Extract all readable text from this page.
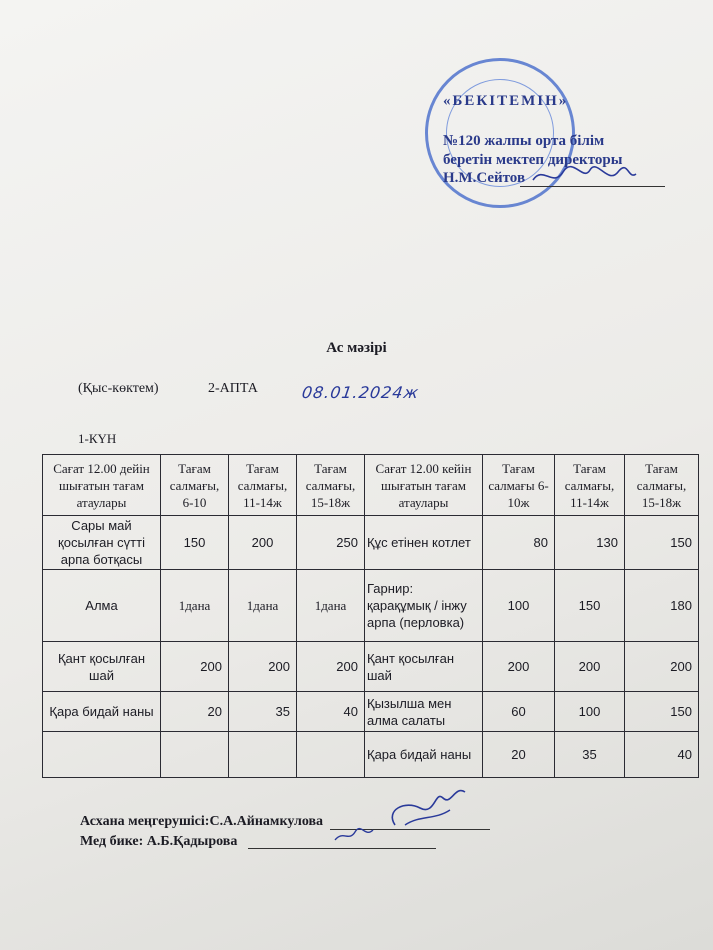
«БЕКІТЕМІН»
№120 жалпы орта білім
беретін мектеп директоры
Н.М.Сейтов
Ас мәзірі
(Қыс-көктем)	2-АПТА	08.01.2024ж
1-КҮН
Сағат 12.00 дейін шығатын тағам атаулары	Тағам салмағы, 6-10	Тағам салмағы, 11-14ж	Тағам салмағы, 15-18ж	Сағат 12.00 кейін шығатын тағам атаулары	Тағам салмағы 6-10ж	Тағам салмағы, 11-14ж	Тағам салмағы, 15-18ж
Сары май қосылған сүтті арпа ботқасы	150	200	250	Құс етінен котлет	80	130	150
Алма	1дана	1дана	1дана	Гарнир: қарақұмық / інжу арпа (перловка)	100	150	180
Қант қосылған шай	200	200	200	Қант қосылған шай	200	200	200
Қара бидай наны	20	35	40	Қызылша мен алма салаты	60	100	150
				Қара бидай наны	20	35	40
Асхана меңгерушісі:С.А.Айнамкулова
Мед бике: А.Б.Қадырова
